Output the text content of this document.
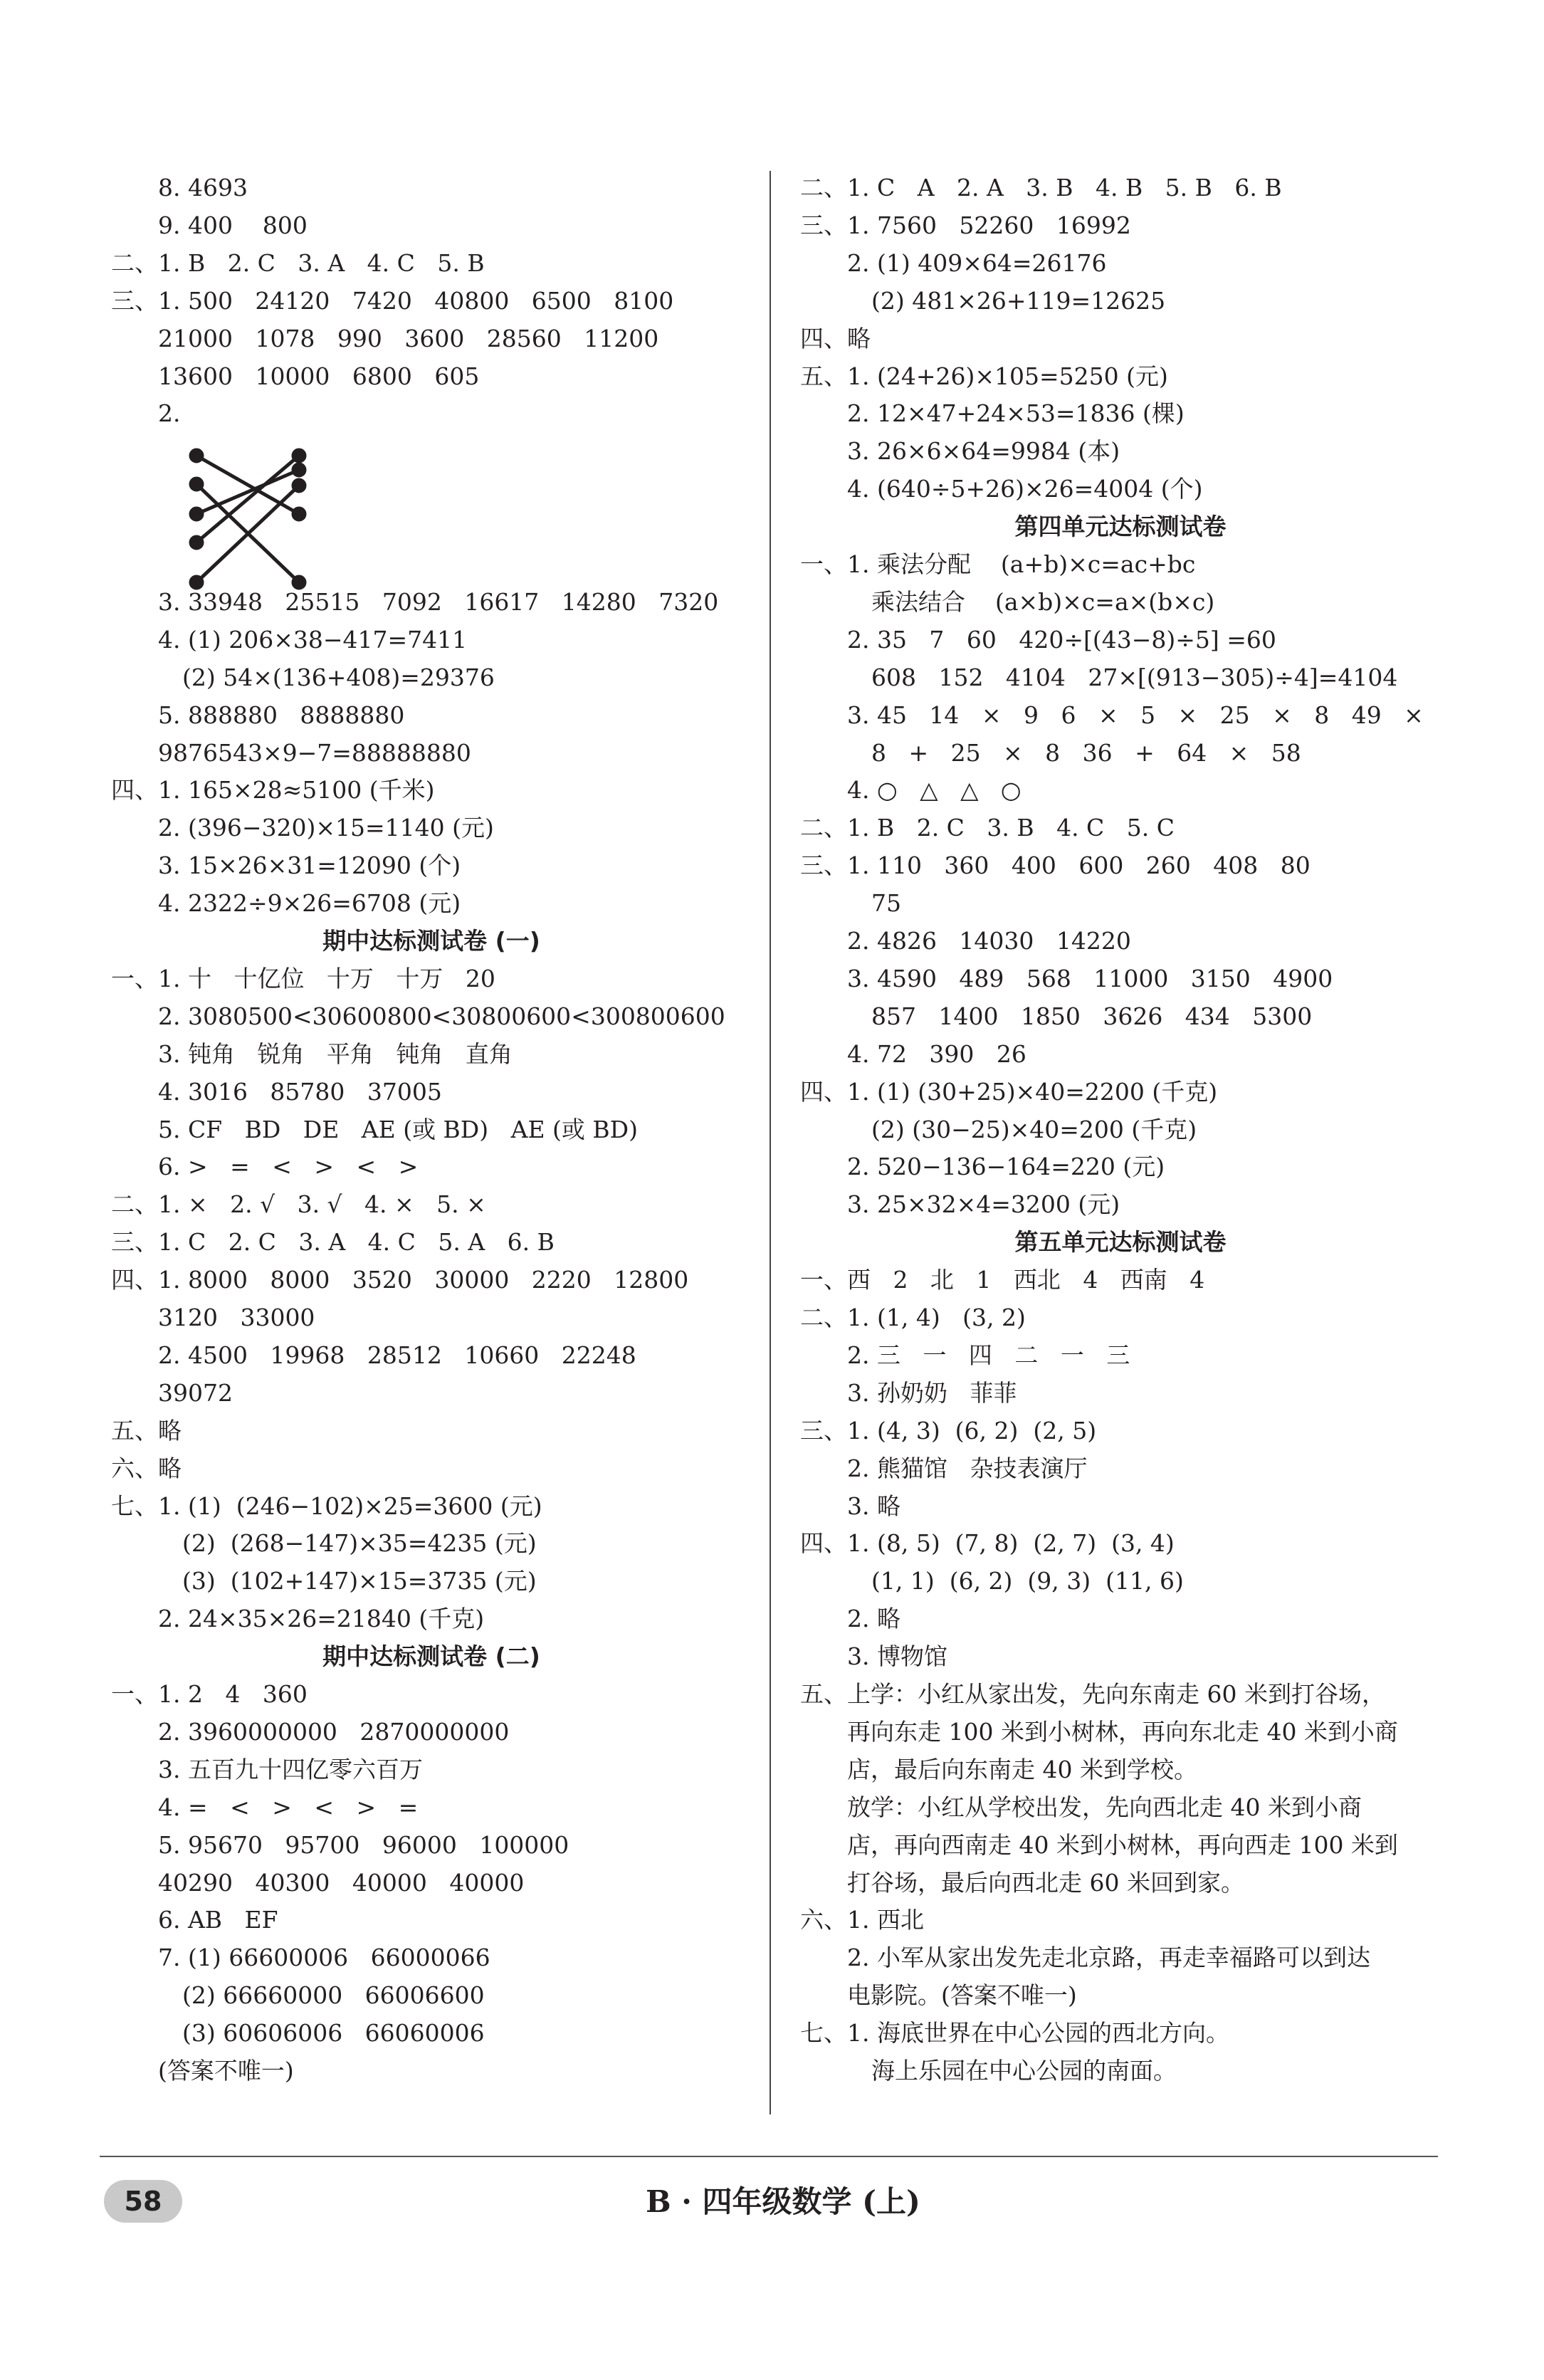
8. 4693
9. 400    800
二、1. B   2. C   3. A   4. C   5. B
三、1. 500   24120   7420   40800   6500   8100
21000   1078   990   3600   28560   11200
13600   10000   6800   605
2.
3. 33948   25515   7092   16617   14280   7320
4. (1) 206×38−417=7411
(2) 54×(136+408)=29376
5. 888880   8888880
9876543×9−7=88888880
四、1. 165×28≈5100 (千米)
2. (396−320)×15=1140 (元)
3. 15×26×31=12090 (个)
4. 2322÷9×26=6708 (元)
期中达标测试卷 (一)
一、1. 十   十亿位   十万   十万   20
2. 3080500<30600800<30800600<300800600
3. 钝角   锐角   平角   钝角   直角
4. 3016   85780   37005
5. CF   BD   DE   AE (或 BD)   AE (或 BD)
6. >   =   <   >   <   >
二、1. ×   2. √   3. √   4. ×   5. ×
三、1. C   2. C   3. A   4. C   5. A   6. B
四、1. 8000   8000   3520   30000   2220   12800
3120   33000
2. 4500   19968   28512   10660   22248
39072
五、略
六、略
七、1. (1)  (246−102)×25=3600 (元)
(2)  (268−147)×35=4235 (元)
(3)  (102+147)×15=3735 (元)
2. 24×35×26=21840 (千克)
期中达标测试卷 (二)
一、1. 2   4   360
2. 3960000000   2870000000
3. 五百九十四亿零六百万
4. =   <   >   <   >   =
5. 95670   95700   96000   100000
40290   40300   40000   40000
6. AB   EF
7. (1) 66600006   66000066
(2) 66660000   66006600
(3) 60606006   66060006
(答案不唯一)
二、1. C   A   2. A   3. B   4. B   5. B   6. B
三、1. 7560   52260   16992
2. (1) 409×64=26176
(2) 481×26+119=12625
四、略
五、1. (24+26)×105=5250 (元)
2. 12×47+24×53=1836 (棵)
3. 26×6×64=9984 (本)
4. (640÷5+26)×26=4004 (个)
第四单元达标测试卷
一、1. 乘法分配    (a+b)×c=ac+bc
乘法结合    (a×b)×c=a×(b×c)
2. 35   7   60   420÷[(43−8)÷5] =60
608   152   4104   27×[(913−305)÷4]=4104
3. 45   14   ×   9   6   ×   5   ×   25   ×   8   49   ×
8   +   25   ×   8   36   +   64   ×   58
4. ○   △   △   ○
二、1. B   2. C   3. B   4. C   5. C
三、1. 110   360   400   600   260   408   80
75
2. 4826   14030   14220
3. 4590   489   568   11000   3150   4900
857   1400   1850   3626   434   5300
4. 72   390   26
四、1. (1) (30+25)×40=2200 (千克)
(2) (30−25)×40=200 (千克)
2. 520−136−164=220 (元)
3. 25×32×4=3200 (元)
第五单元达标测试卷
一、西   2   北   1   西北   4   西南   4
二、1. (1, 4)   (3, 2)
2. 三   一   四   二   一   三
3. 孙奶奶   菲菲
三、1. (4, 3)  (6, 2)  (2, 5)
2. 熊猫馆   杂技表演厅
3. 略
四、1. (8, 5)  (7, 8)  (2, 7)  (3, 4)
(1, 1)  (6, 2)  (9, 3)  (11, 6)
2. 略
3. 博物馆
五、上学：小红从家出发，先向东南走 60 米到打谷场，
再向东走 100 米到小树林，再向东北走 40 米到小商
店，最后向东南走 40 米到学校。
放学：小红从学校出发，先向西北走 40 米到小商
店，再向西南走 40 米到小树林，再向西走 100 米到
打谷场，最后向西北走 60 米回到家。
六、1. 西北
2. 小军从家出发先走北京路，再走幸福路可以到达
电影院。(答案不唯一)
七、1. 海底世界在中心公园的西北方向。
海上乐园在中心公园的南面。
58	B · 四年级数学 (上)
